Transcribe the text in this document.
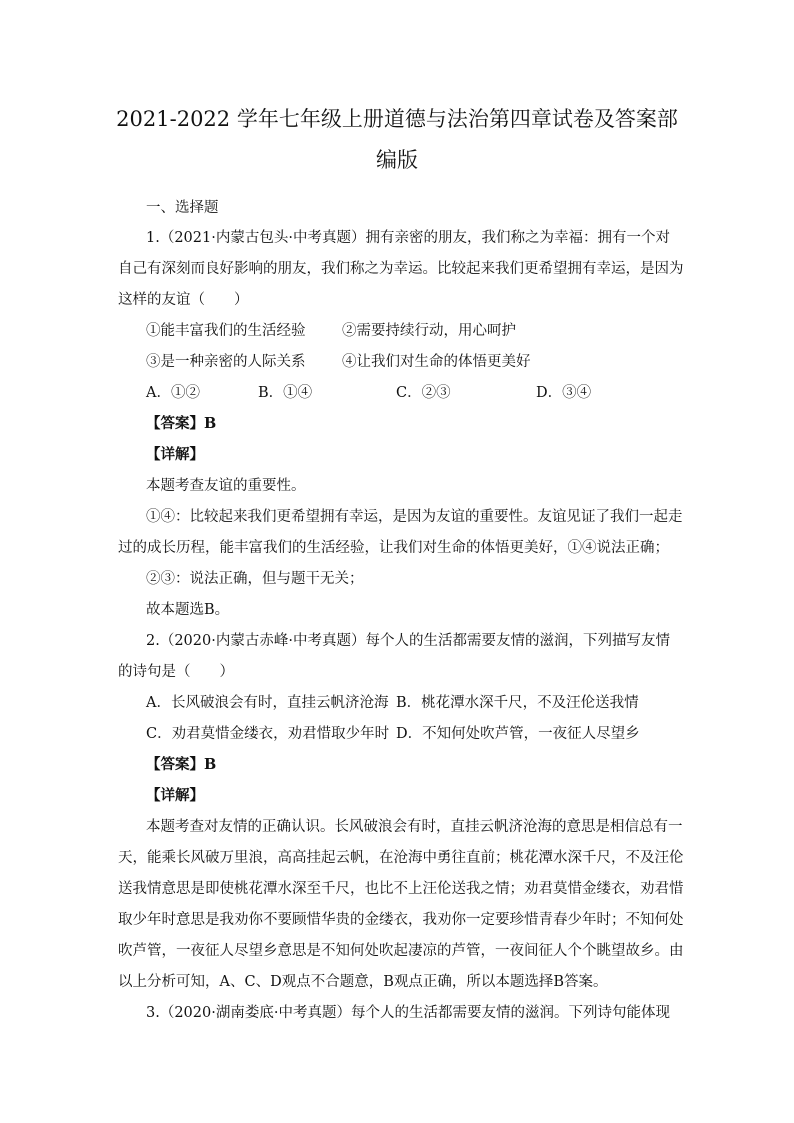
2021-2022 学年七年级上册道德与法治第四章试卷及答案部
编版
一、选择题
1.（2021·内蒙古包头·中考真题）拥有亲密的朋友，我们称之为幸福：拥有一个对
自己有深刻而良好影响的朋友，我们称之为幸运。比较起来我们更希望拥有幸运，是因为
这样的友谊（　　）
①能丰富我们的生活经验	②需要持续行动，用心呵护
③是一种亲密的人际关系	④让我们对生命的体悟更美好
A．①②	B．①④	C．②③	D．③④
【答案】B
【详解】
本题考查友谊的重要性。
①④：比较起来我们更希望拥有幸运，是因为友谊的重要性。友谊见证了我们一起走
过的成长历程，能丰富我们的生活经验，让我们对生命的体悟更美好，①④说法正确；
②③：说法正确，但与题干无关；
故本题选B。
2.（2020·内蒙古赤峰·中考真题）每个人的生活都需要友情的滋润，下列描写友情
的诗句是（　　）
A．长风破浪会有时，直挂云帆济沧海 B．桃花潭水深千尺，不及汪伦送我情
C．劝君莫惜金缕衣，劝君惜取少年时 D．不知何处吹芦管，一夜征人尽望乡
【答案】B
【详解】
本题考查对友情的正确认识。长风破浪会有时，直挂云帆济沧海的意思是相信总有一
天，能乘长风破万里浪，高高挂起云帆，在沧海中勇往直前；桃花潭水深千尺，不及汪伦
送我情意思是即使桃花潭水深至千尺，也比不上汪伦送我之情；劝君莫惜金缕衣，劝君惜
取少年时意思是我劝你不要顾惜华贵的金缕衣，我劝你一定要珍惜青春少年时；不知何处
吹芦管，一夜征人尽望乡意思是不知何处吹起凄凉的芦管，一夜间征人个个眺望故乡。由
以上分析可知，A、C、D观点不合题意，B观点正确，所以本题选择B答案。
3.（2020·湖南娄底·中考真题）每个人的生活都需要友情的滋润。下列诗句能体现
